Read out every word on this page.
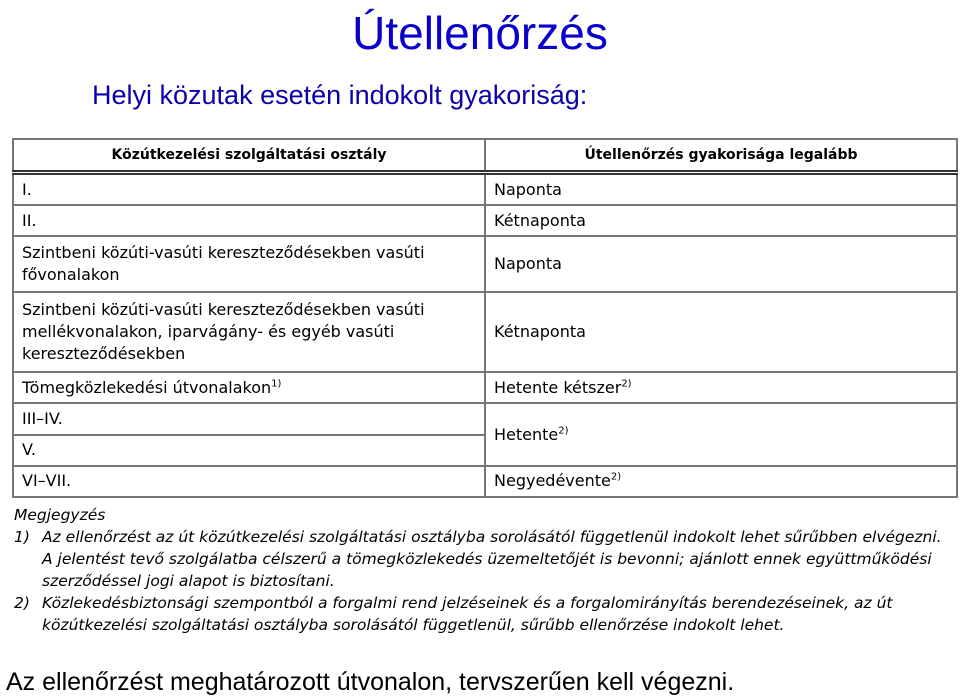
Útellenőrzés
Helyi közutak esetén indokolt gyakoriság:
Közútkezelési szolgáltatási osztály	Útellenőrzés gyakorisága legalább
I.	Naponta
II.	Kétnaponta
Szintbeni közúti-vasúti kereszteződésekben vasúti fővonalakon	Naponta
Szintbeni közúti-vasúti kereszteződésekben vasúti mellékvonalakon, iparvágány- és egyéb vasúti kereszteződésekben	Kétnaponta
Tömegközlekedési útvonalakon$^{1)}$	Hetente kétszer$^{2)}$
III–IV.	Hetente$^{2)}$
V.	
VI–VII.	Negyedévente$^{2)}$
Megjegyzés
1) Az ellenőrzést az út közútkezelési szolgáltatási osztályba sorolásától függetlenül indokolt lehet sűrűbben elvégezni. A jelentést tevő szolgálatba célszerű a tömegközlekedés üzemeltetőjét is bevonni; ajánlott ennek együttműködési szerződéssel jogi alapot is biztosítani.
2) Közlekedésbiztonsági szempontból a forgalmi rend jelzéseinek és a forgalomirányítás berendezéseinek, az út közútkezelési szolgáltatási osztályba sorolásától függetlenül, sűrűbb ellenőrzése indokolt lehet.
Az ellenőrzést meghatározott útvonalon, tervszerűen kell végezni.
